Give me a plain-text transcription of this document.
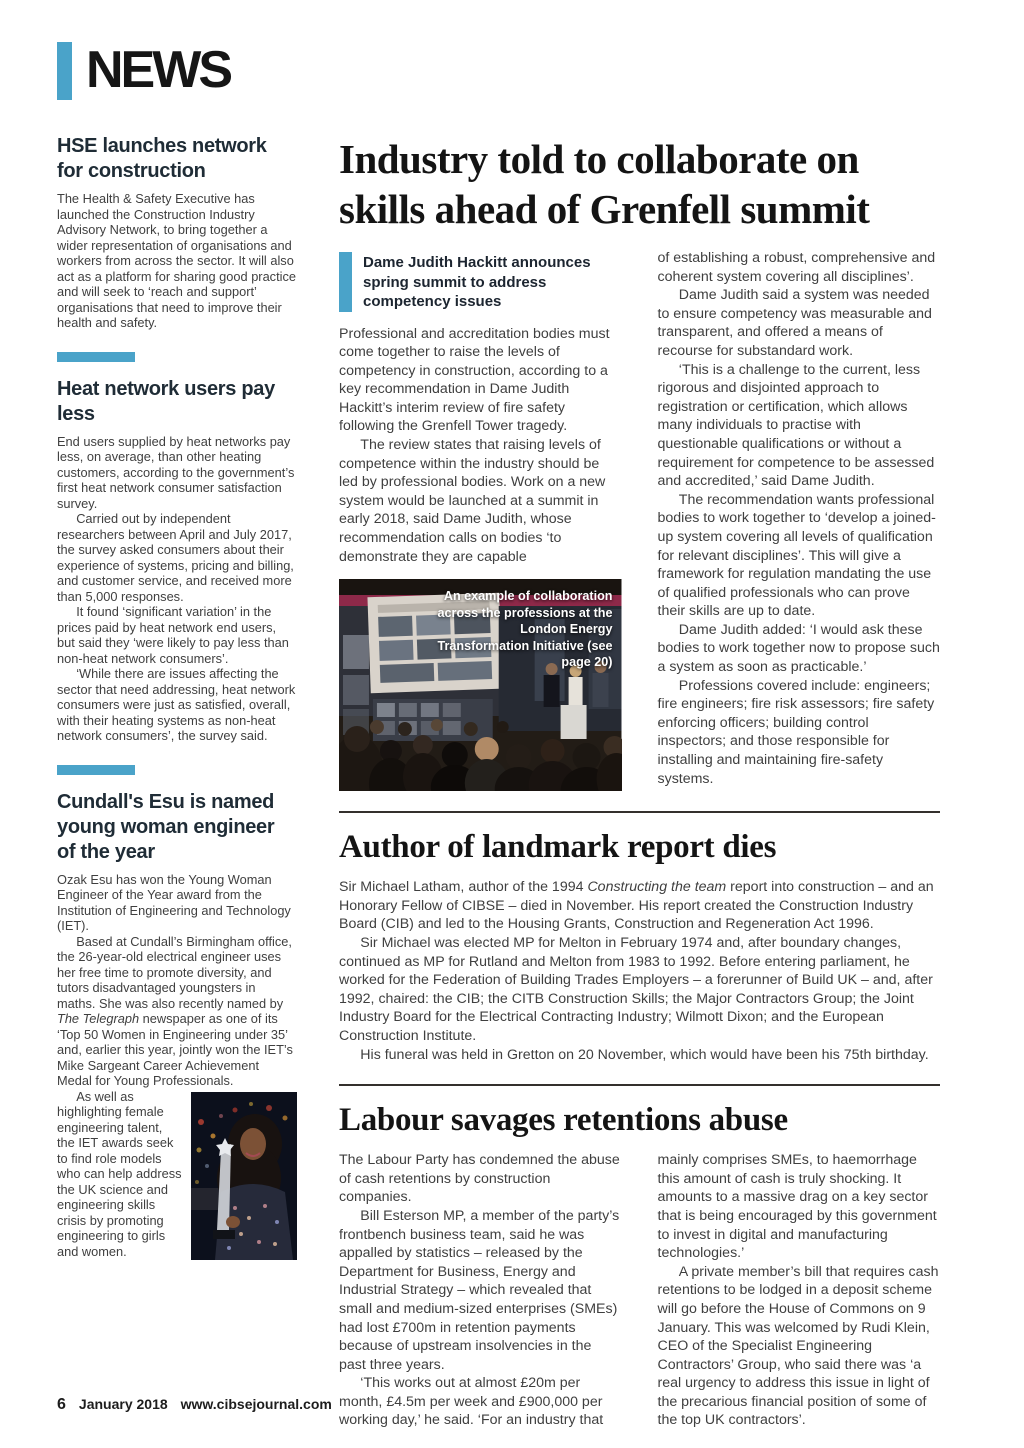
NEWS
HSE launches network for construction

The Health & Safety Executive has launched the Construction Industry Advisory Network, to bring together a wider representation of organisations and workers from across the sector. It will also act as a platform for sharing good practice and will seek to ‘reach and support’ organisations that need to improve their health and safety.

Heat network users pay less

End users supplied by heat networks pay less, on average, than other heating customers, according to the government’s first heat network consumer satisfaction survey.

Carried out by independent researchers between April and July 2017, the survey asked consumers about their experience of systems, pricing and billing, and customer service, and received more than 5,000 responses.

It found ‘significant variation’ in the prices paid by heat network end users, but said they ‘were likely to pay less than non-heat network consumers’.

‘While there are issues affecting the sector that need addressing, heat network consumers were just as satisfied, overall, with their heating systems as non-heat network consumers’, the survey said.

Cundall's Esu is named young woman engineer of the year

Ozak Esu has won the Young Woman Engineer of the Year award from the Institution of Engineering and Technology (IET).

Based at Cundall’s Birmingham office, the 26-year-old electrical engineer uses her free time to promote diversity, and tutors disadvantaged youngsters in maths. She was also recently named by The Telegraph newspaper as one of its ‘Top 50 Women in Engineering under 35’ and, earlier this year, jointly won the IET’s Mike Sargeant Career Achievement Medal for Young Professionals.

As well as highlighting female engineering talent, the IET awards seek to find role models who can help address the UK science and engineering skills crisis by promoting engineering to girls and women.

Industry told to collaborate on skills ahead of Grenfell summit
Dame Judith Hackitt announces spring summit to address competency issues

Professional and accreditation bodies must come together to raise the levels of competency in construction, according to a key recommendation in Dame Judith Hackitt’s interim review of fire safety following the Grenfell Tower tragedy.

The review states that raising levels of competence within the industry should be led by professional bodies. Work on a new system would be launched at a summit in early 2018, said Dame Judith, whose recommendation calls on bodies ‘to demonstrate they are capable

An example of collaboration across the professions at the London Energy Transformation Initiative (see page 20)

of establishing a robust, comprehensive and coherent system covering all disciplines’.

Dame Judith said a system was needed to ensure competency was measurable and transparent, and offered a means of recourse for substandard work.

‘This is a challenge to the current, less rigorous and disjointed approach to registration or certification, which allows many individuals to practise with questionable qualifications or without a requirement for competence to be assessed and accredited,’ said Dame Judith.

The recommendation wants professional bodies to work together to ‘develop a joined-up system covering all levels of qualification for relevant disciplines’. This will give a framework for regulation mandating the use of qualified professionals who can prove their skills are up to date.

Dame Judith added: ‘I would ask these bodies to work together now to propose such a system as soon as practicable.’

Professions covered include: engineers; fire engineers; fire risk assessors; fire safety enforcing officers; building control inspectors; and those responsible for installing and maintaining fire-safety systems.

Author of landmark report dies

Sir Michael Latham, author of the 1994 Constructing the team report into construction – and an Honorary Fellow of CIBSE – died in November. His report created the Construction Industry Board (CIB) and led to the Housing Grants, Construction and Regeneration Act 1996.

Sir Michael was elected MP for Melton in February 1974 and, after boundary changes, continued as MP for Rutland and Melton from 1983 to 1992. Before entering parliament, he worked for the Federation of Building Trades Employers – a forerunner of Build UK – and, after 1992, chaired: the CIB; the CITB Construction Skills; the Major Contractors Group; the Joint Industry Board for the Electrical Contracting Industry; Wilmott Dixon; and the European Construction Institute.

His funeral was held in Gretton on 20 November, which would have been his 75th birthday.

Labour savages retentions abuse

The Labour Party has condemned the abuse of cash retentions by construction companies.

Bill Esterson MP, a member of the party’s frontbench business team, said he was appalled by statistics – released by the Department for Business, Energy and Industrial Strategy – which revealed that small and medium-sized enterprises (SMEs) had lost £700m in retention payments because of upstream insolvencies in the past three years.

‘This works out at almost £20m per month, £4.5m per week and £900,000 per working day,’ he said. ‘For an industry that

mainly comprises SMEs, to haemorrhage this amount of cash is truly shocking. It amounts to a massive drag on a key sector that is being encouraged by this government to invest in digital and manufacturing technologies.’

A private member’s bill that requires cash retentions to be lodged in a deposit scheme will go before the House of Commons on 9 January. This was welcomed by Rudi Klein, CEO of the Specialist Engineering Contractors’ Group, who said there was ‘a real urgency to address this issue in light of the precarious financial position of some of the top UK contractors’.

6 January 2018 www.cibsejournal.com
